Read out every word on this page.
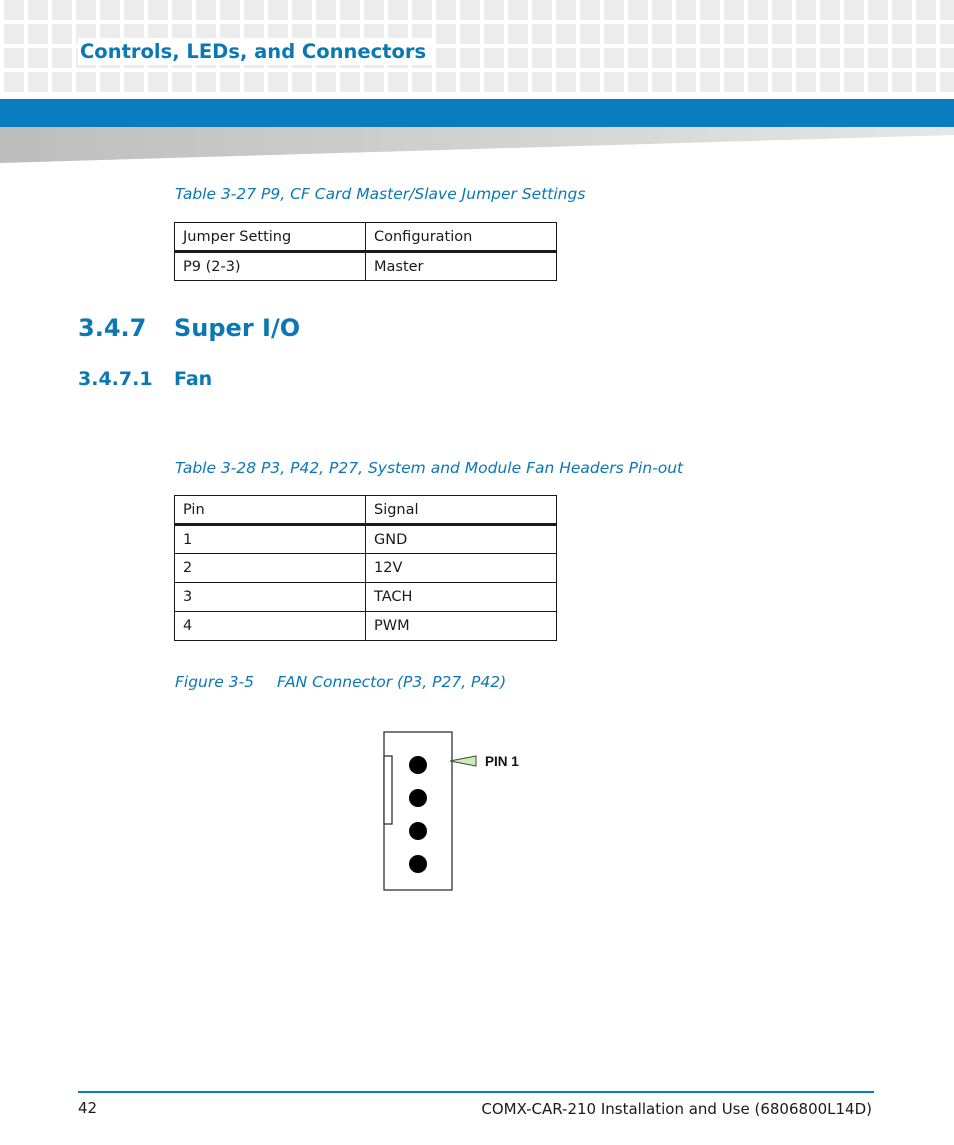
Controls, LEDs, and Connectors
Table 3-27 P9, CF Card Master/Slave Jumper Settings
Jumper Setting	Configuration
P9 (2-3)	Master
3.4.7 Super I/O
3.4.7.1 Fan
Table 3-28 P3, P42, P27, System and Module Fan Headers Pin-out
Pin	Signal
1	GND
2	12V
3	TACH
4	PWM
Figure 3-5 FAN Connector (P3, P27, P42)
PIN 1
42	COMX-CAR-210 Installation and Use (6806800L14D)
